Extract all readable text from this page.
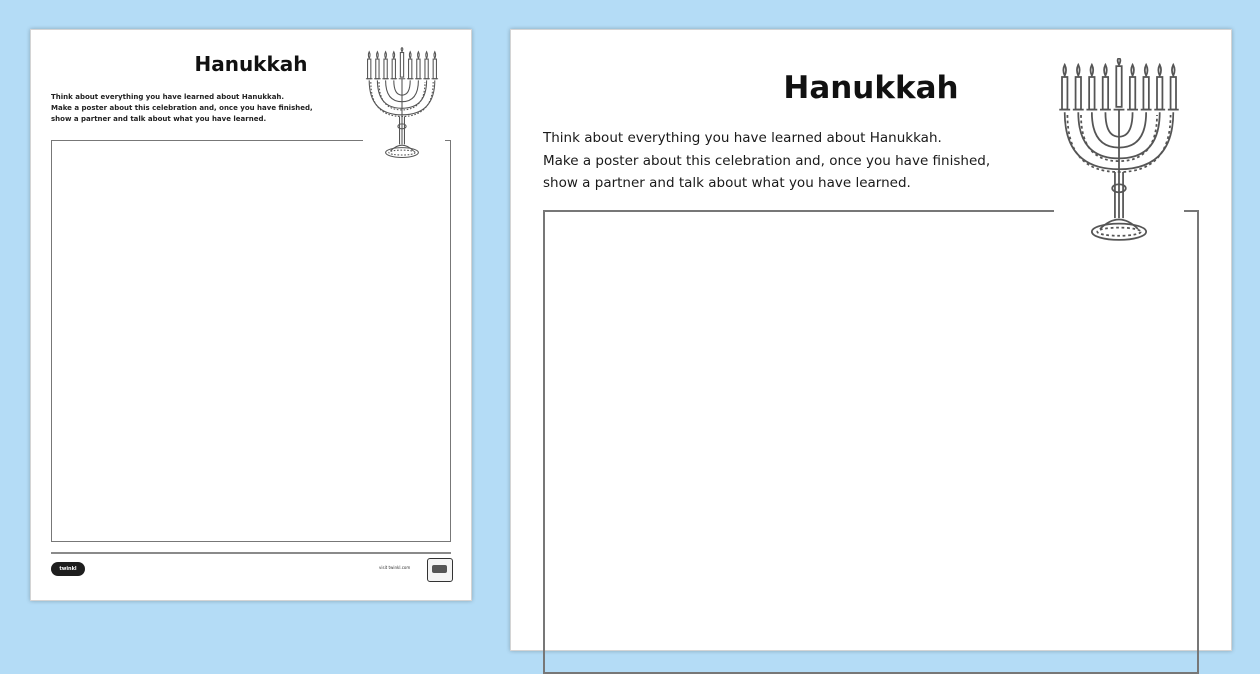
Hanukkah
Think about everything you have learned about Hanukkah.
Make a poster about this celebration and, once you have finished,
show a partner and talk about what you have learned.
twinkl	visit twinkl.com
Hanukkah
Think about everything you have learned about Hanukkah.
Make a poster about this celebration and, once you have finished,
show a partner and talk about what you have learned.
